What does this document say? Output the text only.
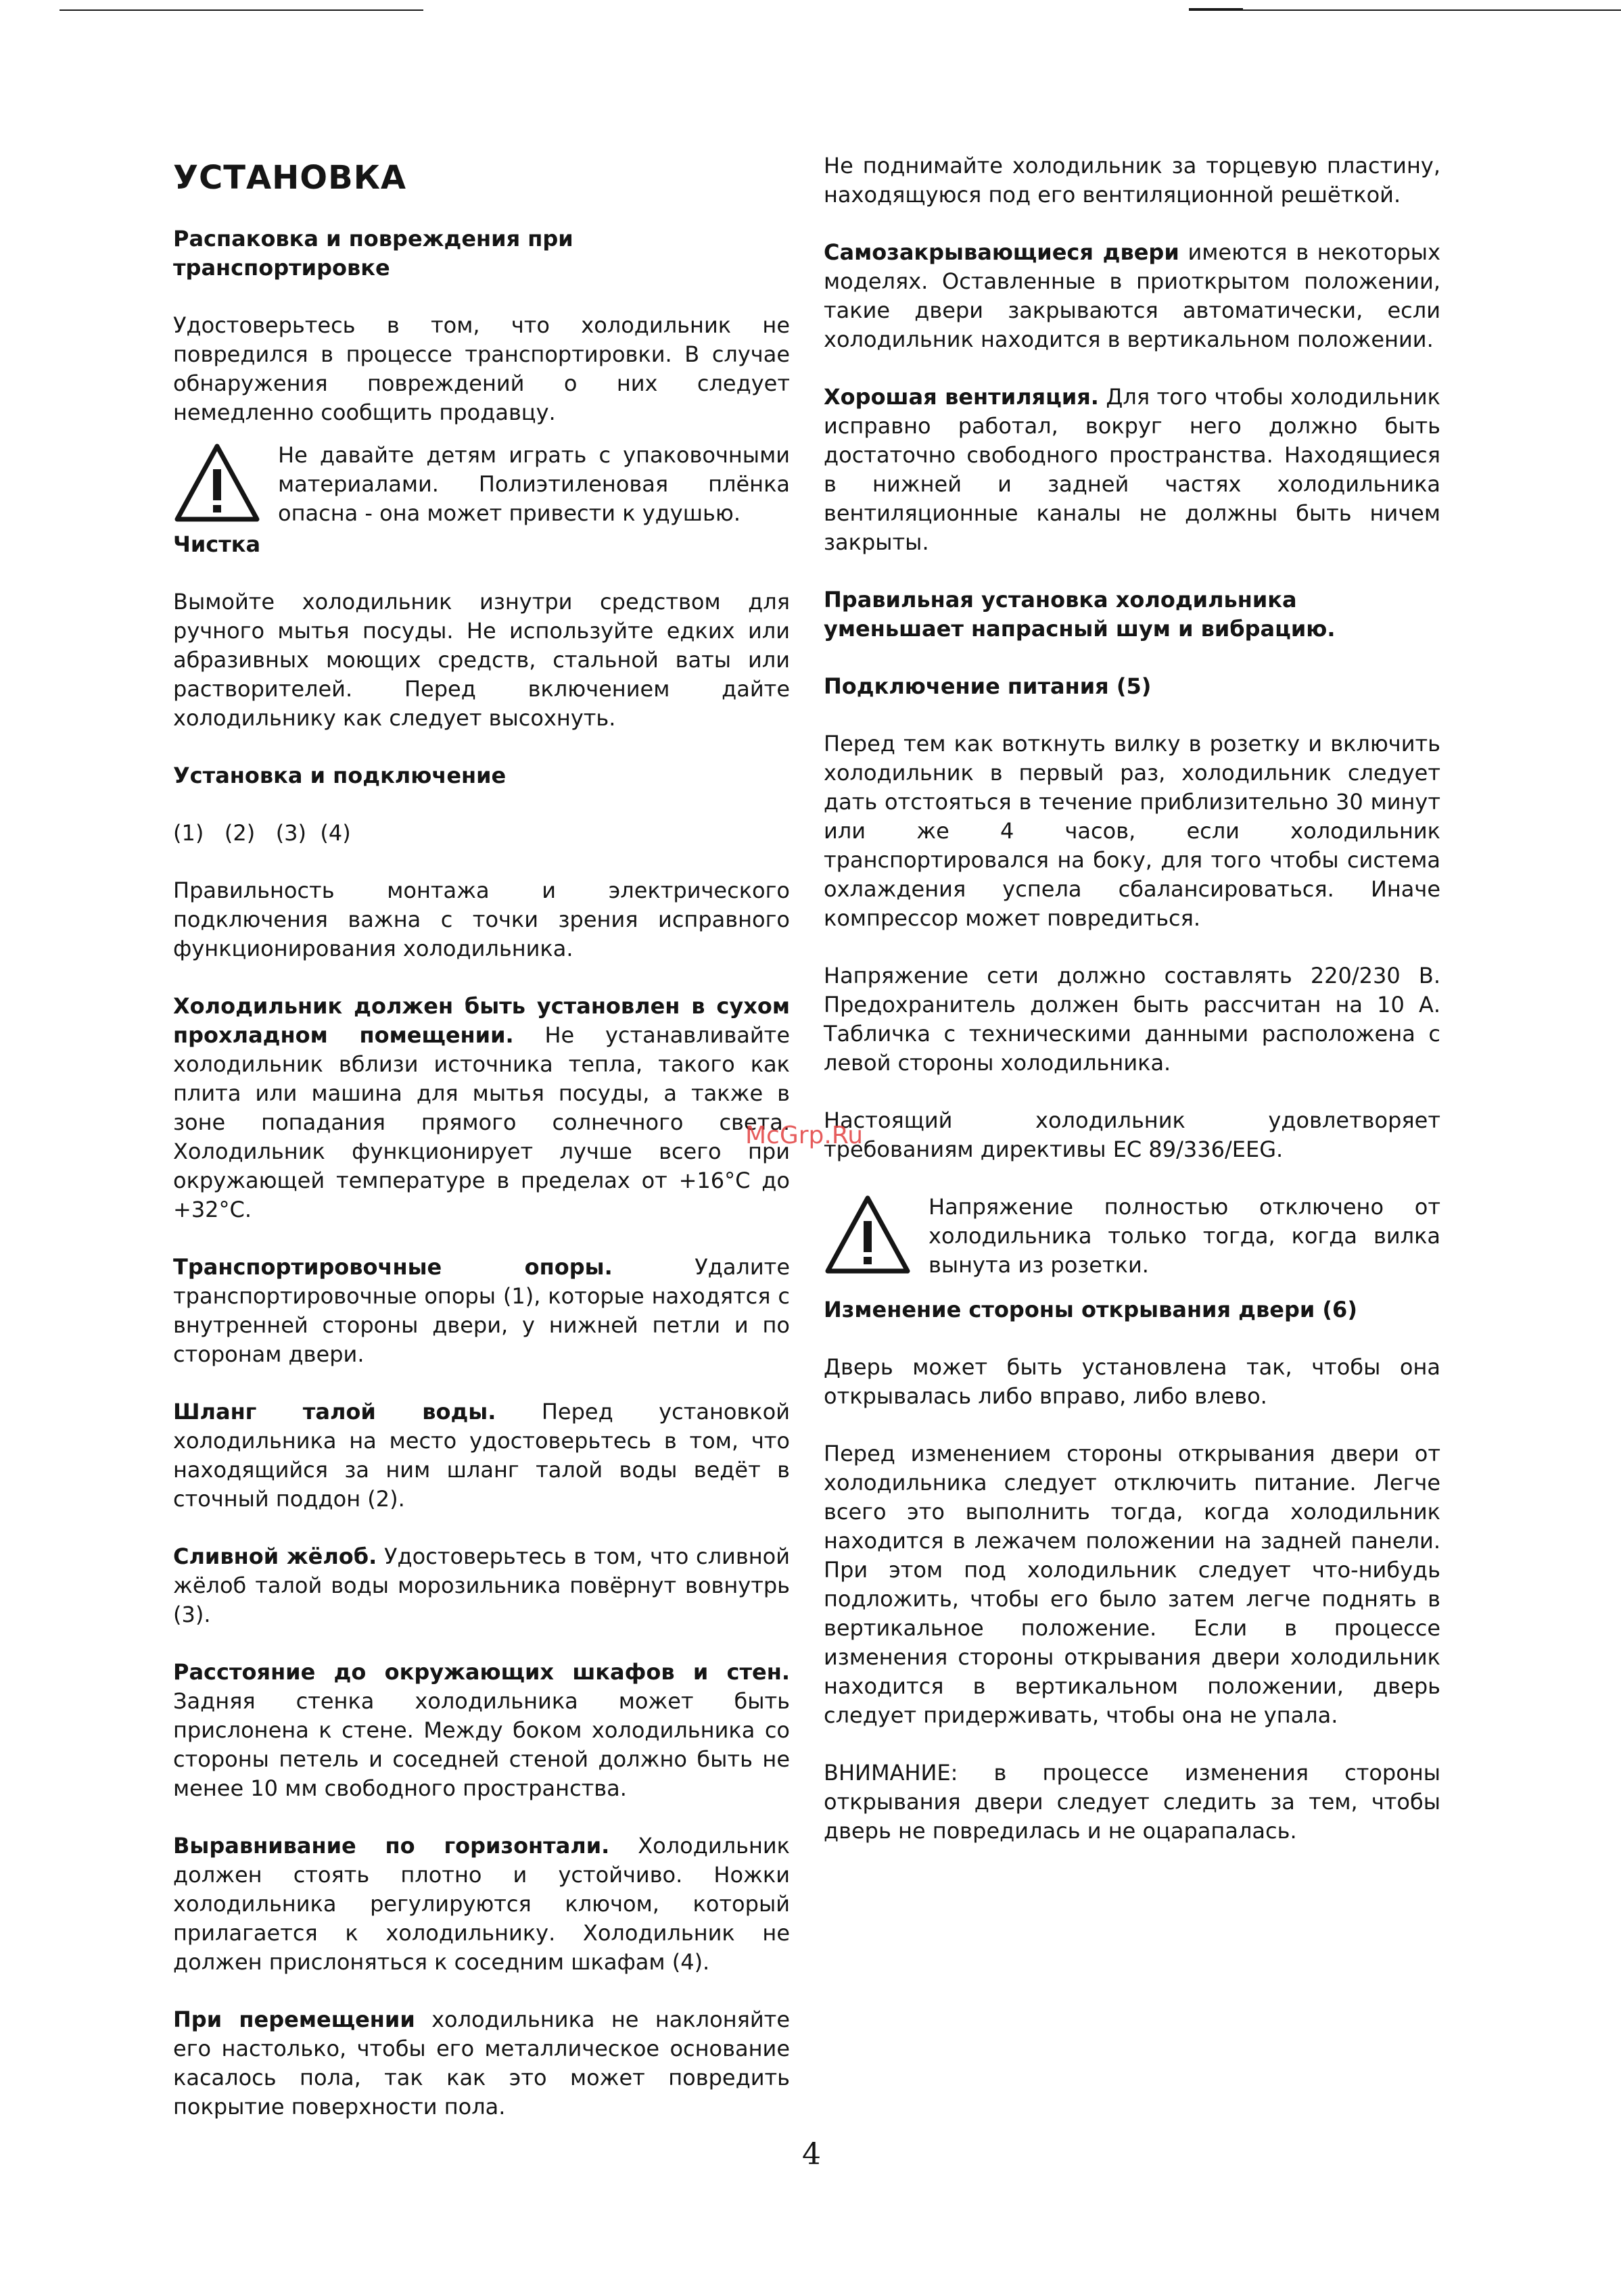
УСТАНОВКА

Распаковка и повреждения при транспортировке

Удостоверьтесь в том, что холодильник не повредился в процессе транспортировки. В случае обнаружения повреждений о них следует немедленно сообщить продавцу.

Не давайте детям играть с упаковочными материалами. Полиэтиленовая плёнка опасна - она может привести к удушью.

Чистка

Вымойте холодильник изнутри средством для ручного мытья посуды. Не используйте едких или абразивных моющих средств, стальной ваты или растворителей. Перед включением дайте холодильнику как следует высохнуть.

Установка и подключение

(1)   (2)   (3)  (4)

Правильность монтажа и электрического подключения важна с точки зрения исправного функционирования холодильника.

Холодильник должен быть установлен в сухом прохладном помещении. Не устанавливайте холодильник вблизи источника тепла, такого как плита или машина для мытья посуды, а также в зоне попадания прямого солнечного света. Холодильник функционирует лучше всего при окружающей температуре в пределах от +16°C до +32°C.

Транспортировочные опоры. Удалите транспортировочные опоры (1), которые находятся с внутренней стороны двери, у нижней петли и по сторонам двери.

Шланг талой воды. Перед установкой холодильника на место удостоверьтесь в том, что находящийся за ним шланг талой воды ведёт в сточный поддон (2).

Сливной жёлоб. Удостоверьтесь в том, что сливной жёлоб талой воды морозильника повёрнут вовнутрь (3).

Расстояние до окружающих шкафов и стен. Задняя стенка холодильника может быть прислонена к стене. Между боком холодильника со стороны петель и соседней стеной должно быть не менее 10 мм свободного пространства.

Выравнивание по горизонтали. Холодильник должен стоять плотно и устойчиво. Ножки холодильника регулируются ключом, который прилагается к холодильнику. Холодильник не должен прислоняться к соседним шкафам (4).

При перемещении холодильника не наклоняйте его настолько, чтобы его металлическое основание касалось пола, так как это может повредить покрытие поверхности пола.

Не поднимайте холодильник за торцевую пластину, находящуюся под его вентиляционной решёткой.

Самозакрывающиеся двери имеются в некоторых моделях. Оставленные в приоткрытом положении, такие двери закрываются автоматически, если холодильник находится в вертикальном положении.

Хорошая вентиляция. Для того чтобы холодильник исправно работал, вокруг него должно быть достаточно свободного пространства. Находящиеся в нижней и задней частях холодильника вентиляционные каналы не должны быть ничем закрыты.

Правильная установка холодильника уменьшает напрасный шум и вибрацию.

Подключение питания (5)

Перед тем как воткнуть вилку в розетку и включить холодильник в первый раз, холодильник следует дать отстояться в течение приблизительно 30 минут или же 4 часов, если холодильник транспортировался на боку, для того чтобы система охлаждения успела сбалансироваться. Иначе компрессор может повредиться.

Напряжение сети должно составлять 220/230 В. Предохранитель должен быть рассчитан на 10 А. Табличка с техническими данными расположена с левой стороны холодильника.

Настоящий холодильник удовлетворяет требованиям директивы ЕС 89/336/EEG.

Напряжение полностью отключено от холодильника только тогда, когда вилка вынута из розетки.

Изменение стороны открывания двери (6)

Дверь может быть установлена так, чтобы она открывалась либо вправо, либо влево.

Перед изменением стороны открывания двери от холодильника следует отключить питание. Легче всего это выполнить тогда, когда холодильник находится в лежачем положении на задней панели. При этом под холодильник следует что-нибудь подложить, чтобы его было затем легче поднять в вертикальное положение. Если в процессе изменения стороны открывания двери холодильник находится в вертикальном положении, дверь следует придерживать, чтобы она не упала.

ВНИМАНИЕ: в процессе изменения стороны открывания двери следует следить за тем, чтобы дверь не повредилась и не оцарапалась.

McGrp.Ru
4
